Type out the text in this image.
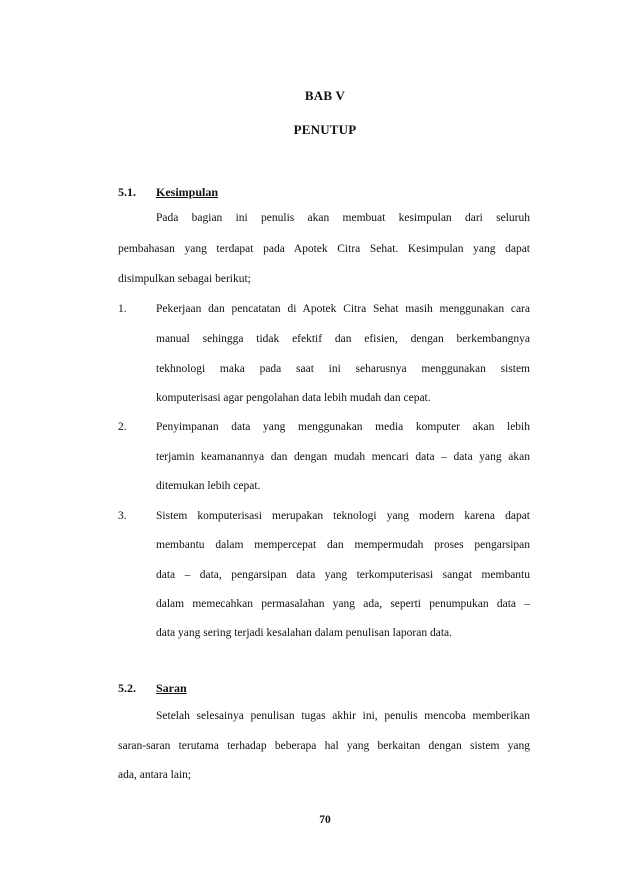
BAB V
PENUTUP
5.1. Kesimpulan
Pada bagian ini penulis akan membuat kesimpulan dari seluruh
pembahasan yang terdapat pada Apotek Citra Sehat. Kesimpulan yang dapat
disimpulkan sebagai berikut;
1.	Pekerjaan dan pencatatan di Apotek Citra Sehat masih menggunakan cara
manual sehingga tidak efektif dan efisien, dengan berkembangnya
tekhnologi maka pada saat ini seharusnya menggunakan sistem
komputerisasi agar pengolahan data lebih mudah dan cepat.
2.	Penyimpanan data yang menggunakan media komputer akan lebih
terjamin keamanannya dan dengan mudah mencari data – data yang akan
ditemukan lebih cepat.
3.	Sistem komputerisasi merupakan teknologi yang modern karena dapat
membantu dalam mempercepat dan mempermudah proses pengarsipan
data – data, pengarsipan data yang terkomputerisasi sangat membantu
dalam memecahkan permasalahan yang ada, seperti penumpukan data –
data yang sering terjadi kesalahan dalam penulisan laporan data.
5.2. Saran
Setelah selesainya penulisan tugas akhir ini, penulis mencoba memberikan
saran-saran terutama terhadap beberapa hal yang berkaitan dengan sistem yang
ada, antara lain;
70
